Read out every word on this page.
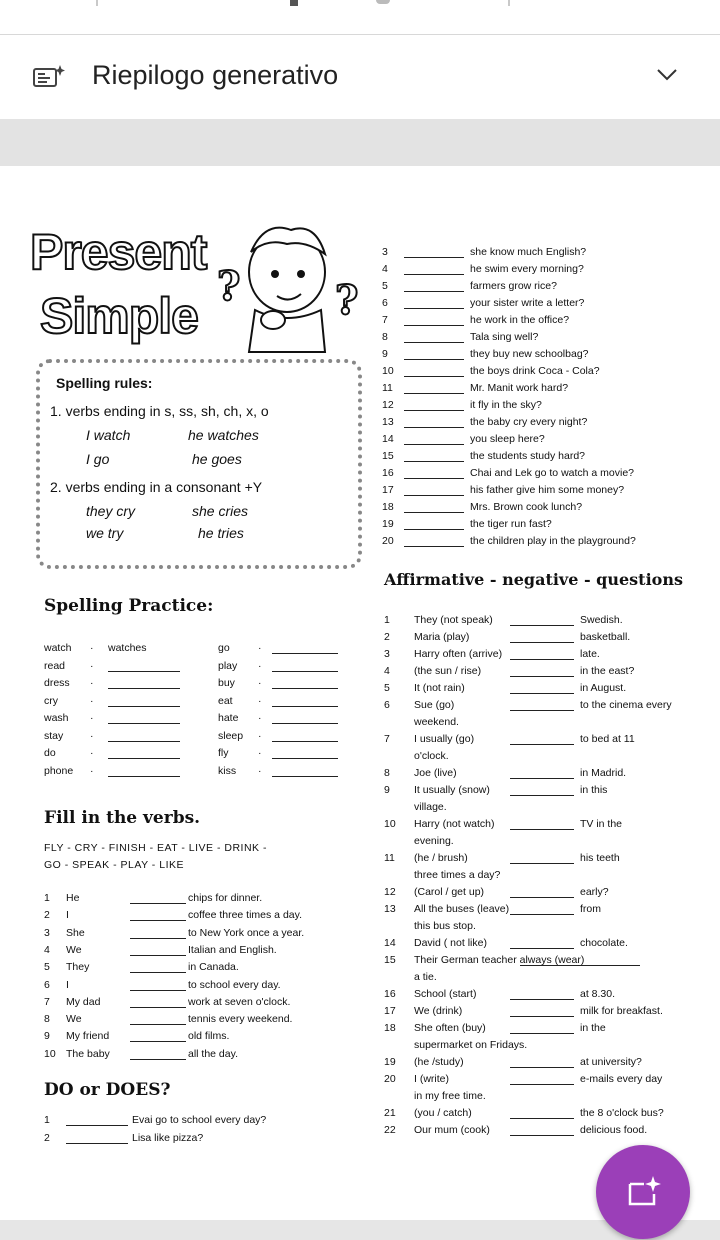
Riepilogo generativo
Present
Simple
? ?
Spelling rules:
1. verbs ending in s, ss, sh, ch, x, o
I watch	he watches
I go	he goes
2. verbs ending in a consonant +Y
they cry	she cries
we try	he tries
3	she know much English?
4	he swim every morning?
5	farmers grow rice?
6	your sister write a letter?
7	he work in the office?
8	Tala sing well?
9	they buy new schoolbag?
10	the boys drink Coca - Cola?
11	Mr. Manit work hard?
12	it fly in the sky?
13	the baby cry every night?
14	you sleep here?
15	the students study hard?
16	Chai and Lek go to watch a movie?
17	his father give him some money?
18	Mrs. Brown cook lunch?
19	the tiger run fast?
20	the children play in the playground?
Affirmative - negative - questions
Spelling Practice:
watch · watches	go	·
read ·	play ·
dress ·	buy ·
cry	·	eat ·
wash ·	hate ·
stay	·	sleep ·
do	·	fly	·
phone ·	kiss ·
Fill in the verbs.
FLY - CRY - FINISH - EAT - LIVE - DRINK -
GO - SPEAK - PLAY - LIKE
1 He	chips for dinner.
2 I	coffee three times a day.
3 She	to New York once a year.
4 We	Italian and English.
5 They	in Canada.
6 I	to school every day.
7 My dad	work at seven o'clock.
8 We	tennis every weekend.
9 My friend	old films.
10 The baby	all the day.
DO or DOES?
1	Evai go to school every day?
2	Lisa like pizza?
1 They (not speak)	Swedish.
2 Maria (play)	basketball.
3 Harry often (arrive)	late.
4 (the sun / rise)	in the east?
5 It (not rain)	in August.
6 Sue (go)	to the cinema every
weekend.
7 I usually (go)	to bed at 11
o'clock.
8 Joe (live)	in Madrid.
9 It usually (snow)	in this
village.
10 Harry (not watch)	TV in the
evening.
11 (he / brush)	his teeth
three times a day?
12 (Carol / get up)	early?
13 All the buses (leave)	from
this bus stop.
14 David ( not like)	chocolate.
15 Their German teacher always (wear)
a tie.
16 School (start)	at 8.30.
17 We (drink)	milk for breakfast.
18 She often (buy)	in the
supermarket on Fridays.
19 (he /study)	at university?
20 I (write)	e-mails every day
in my free time.
21 (you / catch)	the 8 o'clock bus?
22 Our mum (cook)	delicious food.
